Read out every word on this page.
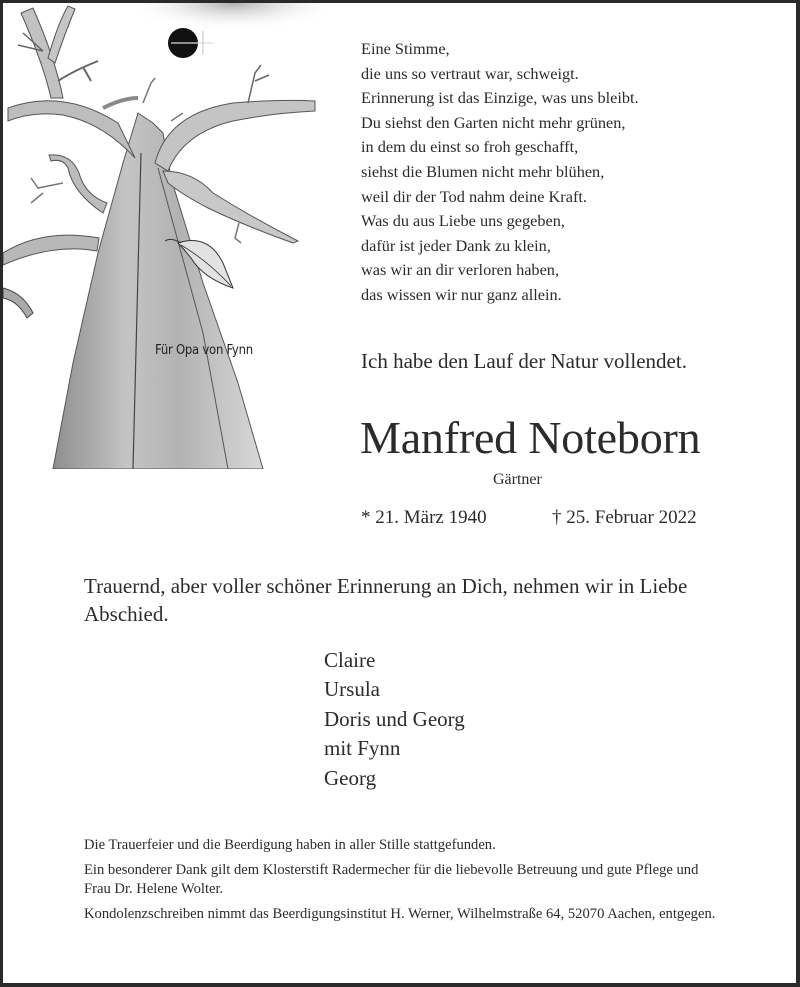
Für Opa von Fynn
Eine Stimme,
die uns so vertraut war, schweigt.
Erinnerung ist das Einzige, was uns bleibt.
Du siehst den Garten nicht mehr grünen,
in dem du einst so froh geschafft,
siehst die Blumen nicht mehr blühen,
weil dir der Tod nahm deine Kraft.
Was du aus Liebe uns gegeben,
dafür ist jeder Dank zu klein,
was wir an dir verloren haben,
das wissen wir nur ganz allein.
Ich habe den Lauf der Natur vollendet.
Manfred Noteborn
Gärtner
* 21. März 1940	† 25. Februar 2022
Trauernd, aber voller schöner Erinnerung an Dich, nehmen wir in Liebe Abschied.
Claire
Ursula
Doris und Georg
mit Fynn
Georg

Die Trauerfeier und die Beerdigung haben in aller Stille stattgefunden.

Ein besonderer Dank gilt dem Klosterstift Radermecher für die liebevolle Betreuung und gute Pflege und Frau Dr. Helene Wolter.

Kondolenzschreiben nimmt das Beerdigungsinstitut H. Werner, Wilhelmstraße 64, 52070 Aachen, entgegen.
